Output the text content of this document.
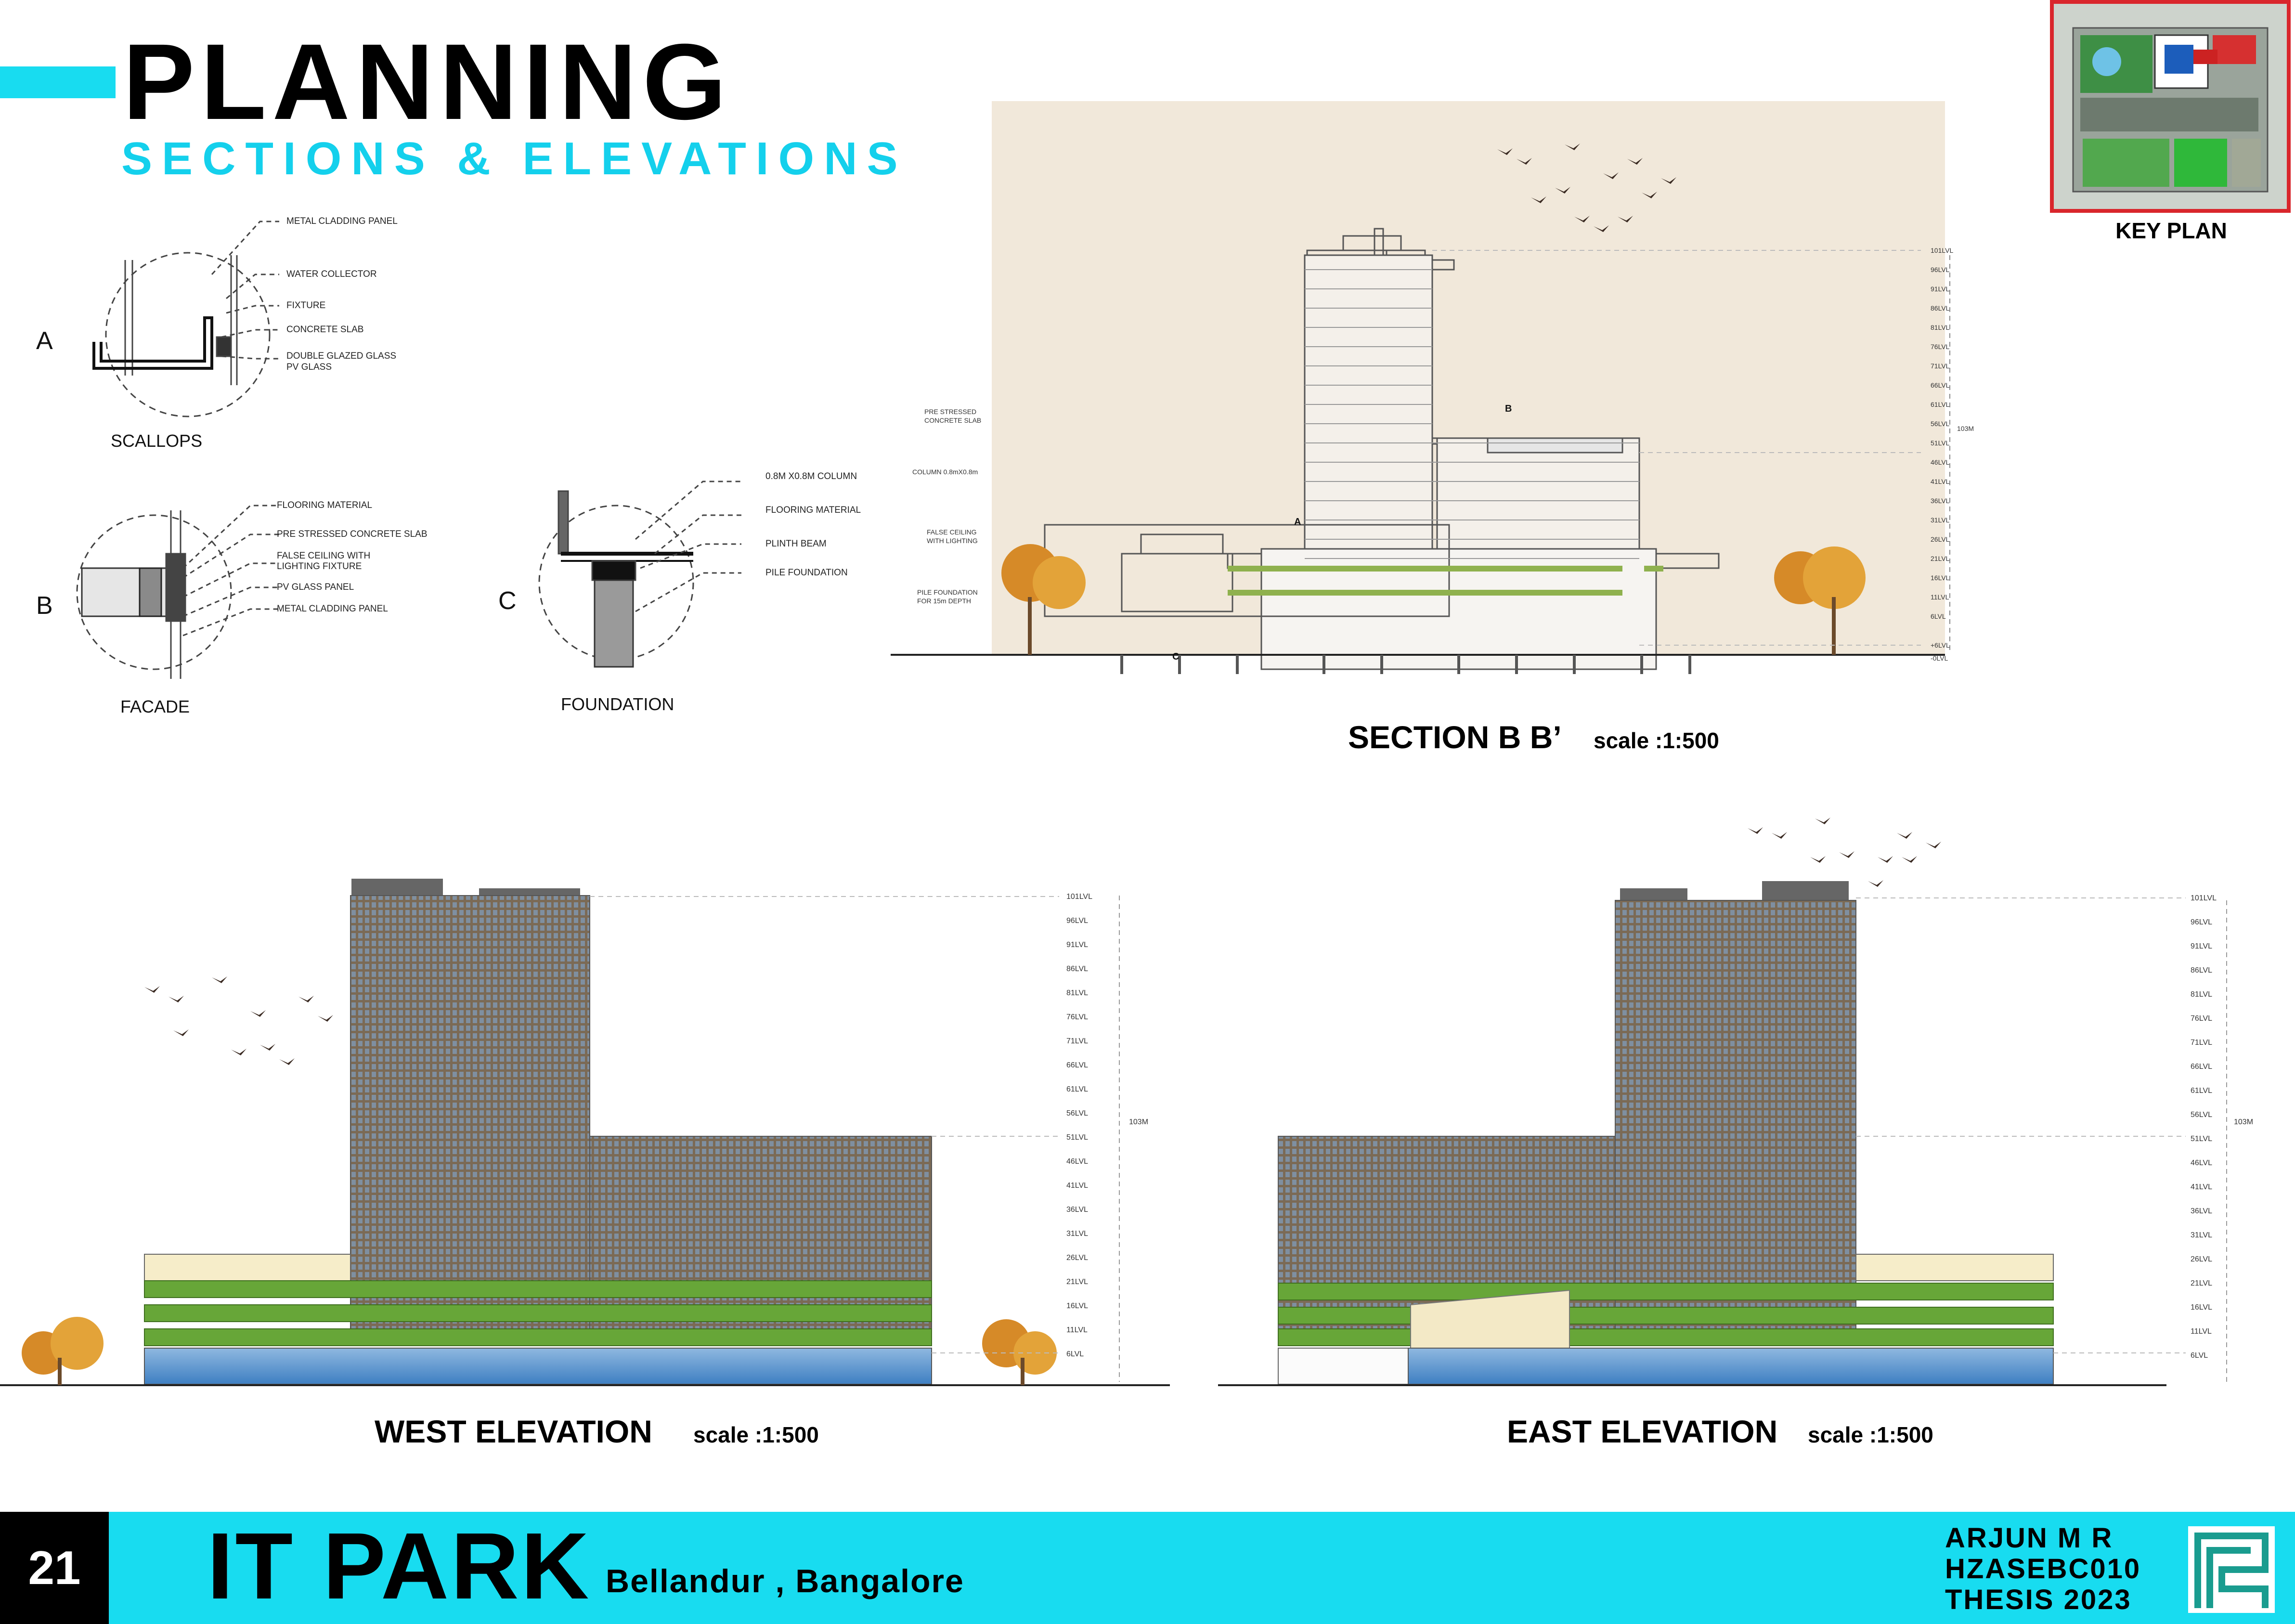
PLANNING
SECTIONS & ELEVATIONS
KEY PLAN
METAL CLADDING PANEL
WATER COLLECTOR
FIXTURE
CONCRETE SLAB
DOUBLE GLAZED GLASS
PV GLASS
FLOORING MATERIAL
PRE STRESSED CONCRETE SLAB
FALSE CEILING WITH
LIGHTING FIXTURE
PV GLASS PANEL
METAL CLADDING PANEL
0.8M X0.8M COLUMN
FLOORING MATERIAL
PLINTH BEAM
PILE FOUNDATION
A
B	C
SCALLOPS
FACADE	FOUNDATION
101LVL
96LVL
91LVL
86LVL
81LVL
76LVL
71LVL
66LVL
61LVL
56LVL
51LVL
46LVL
41LVL
36LVL
31LVL
26LVL
21LVL
16LVL
11LVL
6LVL
+6LVL
-0LVL
103M
PRE STRESSED
CONCRETE SLAB
COLUMN 0.8mX0.8m
FALSE CEILING
WITH LIGHTING
PILE FOUNDATION
FOR 15m DEPTH
A
B
C
SECTION B B’ scale :1:500
101LVL
96LVL
91LVL
86LVL
81LVL
76LVL
71LVL
66LVL
61LVL
56LVL
51LVL
46LVL
41LVL
36LVL
31LVL
26LVL
21LVL
16LVL
11LVL
6LVL
103M
WEST ELEVATION scale :1:500
101LVL
96LVL
91LVL
86LVL
81LVL
76LVL
71LVL
66LVL
61LVL
56LVL
51LVL
46LVL
41LVL
36LVL
31LVL
26LVL
21LVL
16LVL
11LVL
6LVL
103M
EAST ELEVATION scale :1:500
21 IT PARK Bellandur , Bangalore
ARJUN M R
HZASEBC010
THESIS 2023
